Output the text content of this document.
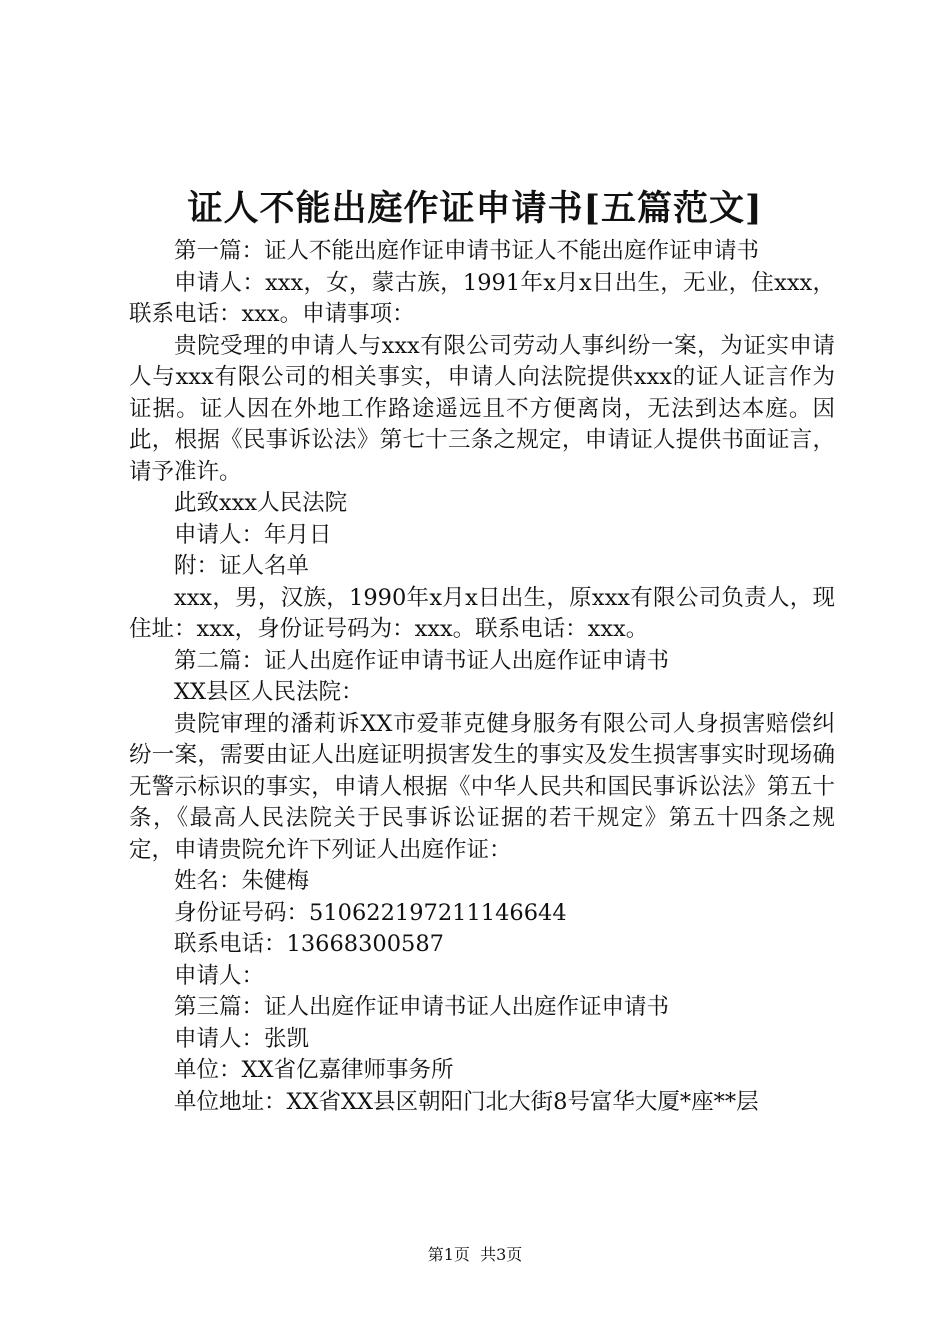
证人不能出庭作证申请书[五篇范文]

第一篇：证人不能出庭作证申请书证人不能出庭作证申请书

申请人：xxx，女，蒙古族，1991年x月x日出生，无业，住xxx，联系电话：xxx。申请事项：

贵院受理的申请人与xxx有限公司劳动人事纠纷一案，为证实申请人与xxx有限公司的相关事实，申请人向法院提供xxx的证人证言作为证据。证人因在外地工作路途遥远且不方便离岗，无法到达本庭。因此，根据《民事诉讼法》第七十三条之规定，申请证人提供书面证言，请予准许。

此致xxx人民法院

申请人：年月日

附：证人名单

xxx，男，汉族，1990年x月x日出生，原xxx有限公司负责人，现住址：xxx，身份证号码为：xxx。联系电话：xxx。

第二篇：证人出庭作证申请书证人出庭作证申请书

XX县区人民法院：

贵院审理的潘莉诉XX市爱菲克健身服务有限公司人身损害赔偿纠纷一案，需要由证人出庭证明损害发生的事实及发生损害事实时现场确无警示标识的事实，申请人根据《中华人民共和国民事诉讼法》第五十条，《最高人民法院关于民事诉讼证据的若干规定》第五十四条之规定，申请贵院允许下列证人出庭作证：

姓名：朱健梅

身份证号码：510622197211146644

联系电话：13668300587

申请人：

第三篇：证人出庭作证申请书证人出庭作证申请书

申请人：张凯

单位：XX省亿嘉律师事务所

单位地址：XX省XX县区朝阳门北大街8号富华大厦*座**层

第1页  共3页
